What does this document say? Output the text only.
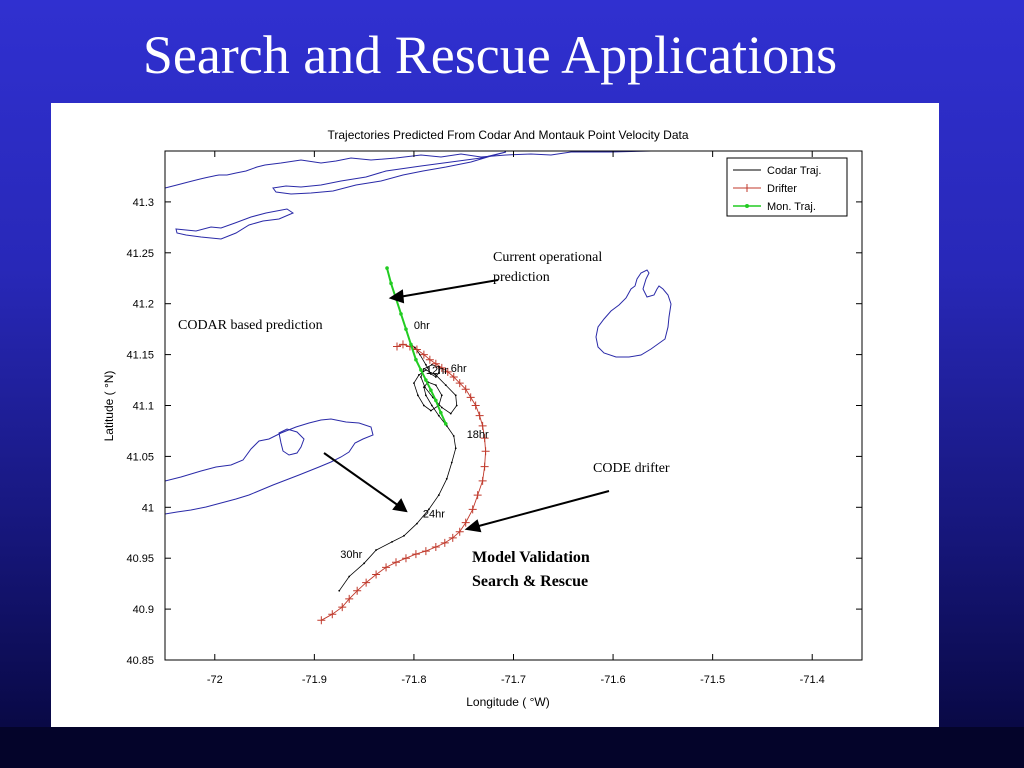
Search and Rescue Applications
Trajectories Predicted From Codar And Montauk Point Velocity Data
-72	-71.9	-71.8	-71.7	-71.6	-71.5	-71.4
40.85
40.9
40.95
41
41.05
41.1
41.15
41.2
41.25
41.3
Longitude ( °W)
Latitude ( °N)
0hr
6hr
12hr
18hr
24hr
30hr
Current operational
prediction
CODAR based prediction
CODE drifter
Model Validation
Search & Rescue
Codar Traj.
Drifter
Mon. Traj.
